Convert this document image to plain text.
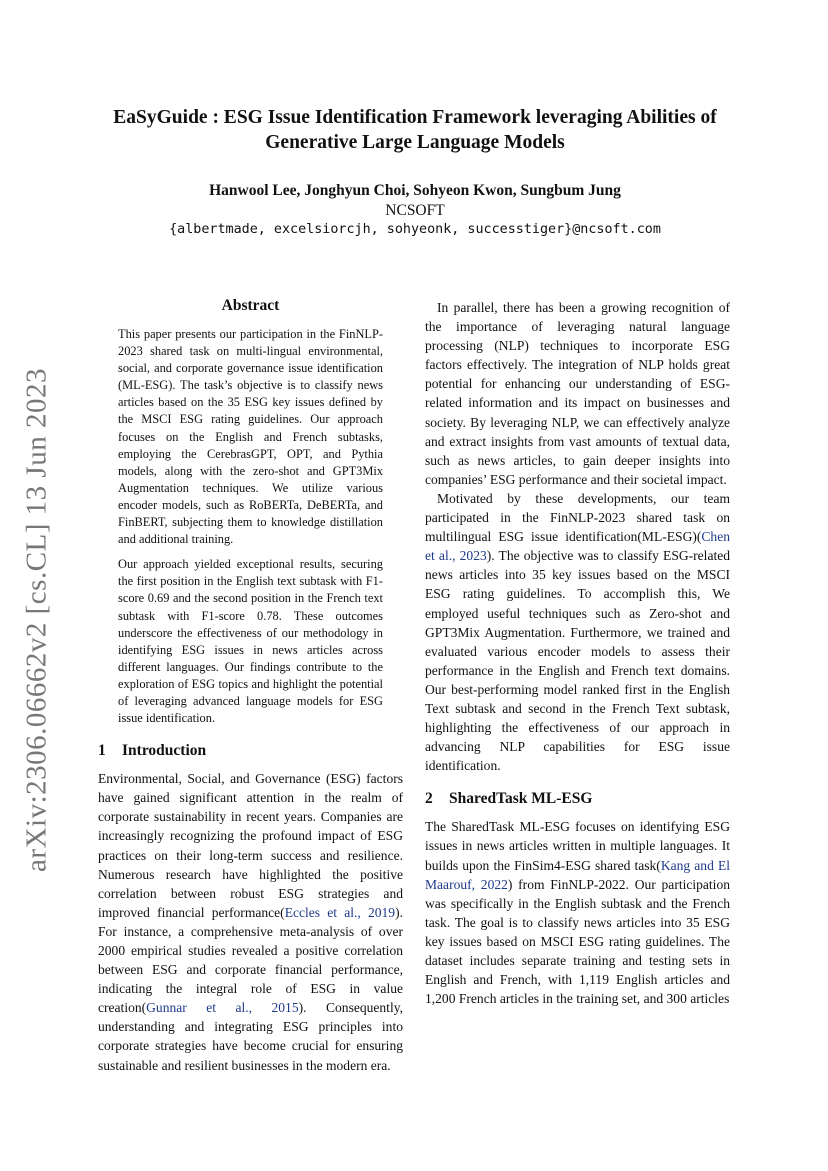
arXiv:2306.06662v2 [cs.CL] 13 Jun 2023
EaSyGuide : ESG Issue Identification Framework leveraging Abilities of
Generative Large Language Models
Hanwool Lee, Jonghyun Choi, Sohyeon Kwon, Sungbum Jung
NCSOFT
{albertmade, excelsiorcjh, sohyeonk, successtiger}@ncsoft.com
Abstract

This paper presents our participation in the FinNLP-2023 shared task on multi-lingual environmental, social, and corporate governance issue identification (ML-ESG). The task’s objective is to classify news articles based on the 35 ESG key issues defined by the MSCI ESG rating guidelines. Our approach focuses on the English and French subtasks, employing the CerebrasGPT, OPT, and Pythia models, along with the zero-shot and GPT3Mix Augmentation techniques. We utilize various encoder models, such as RoBERTa, DeBERTa, and FinBERT, subjecting them to knowledge distillation and additional training.

Our approach yielded exceptional results, securing the first position in the English text subtask with F1-score 0.69 and the second position in the French text subtask with F1-score 0.78. These outcomes underscore the effectiveness of our methodology in identifying ESG issues in news articles across different languages. Our findings contribute to the exploration of ESG topics and highlight the potential of leveraging advanced language models for ESG issue identification.

1 Introduction

Environmental, Social, and Governance (ESG) factors have gained significant attention in the realm of corporate sustainability in recent years. Companies are increasingly recognizing the profound impact of ESG practices on their long-term success and resilience. Numerous research have highlighted the positive correlation between robust ESG strategies and improved financial performance(Eccles et al., 2019). For instance, a comprehensive meta-analysis of over 2000 empirical studies revealed a positive correlation between ESG and corporate financial performance, indicating the integral role of ESG in value creation(Gunnar et al., 2015). Consequently, understanding and integrating ESG principles into corporate strategies have become crucial for ensuring sustainable and resilient businesses in the modern era.

In parallel, there has been a growing recognition of the importance of leveraging natural language processing (NLP) techniques to incorporate ESG factors effectively. The integration of NLP holds great potential for enhancing our understanding of ESG-related information and its impact on businesses and society. By leveraging NLP, we can effectively analyze and extract insights from vast amounts of textual data, such as news articles, to gain deeper insights into companies’ ESG performance and their societal impact.

Motivated by these developments, our team participated in the FinNLP-2023 shared task on multilingual ESG issue identification(ML-ESG)(Chen et al., 2023). The objective was to classify ESG-related news articles into 35 key issues based on the MSCI ESG rating guidelines. To accomplish this, We employed useful techniques such as Zero-shot and GPT3Mix Augmentation. Furthermore, we trained and evaluated various encoder models to assess their performance in the English and French text domains. Our best-performing model ranked first in the English Text subtask and second in the French Text subtask, highlighting the effectiveness of our approach in advancing NLP capabilities for ESG issue identification.

2 SharedTask ML-ESG

The SharedTask ML-ESG focuses on identifying ESG issues in news articles written in multiple languages. It builds upon the FinSim4-ESG shared task(Kang and El Maarouf, 2022) from FinNLP-2022. Our participation was specifically in the English subtask and the French task. The goal is to classify news articles into 35 ESG key issues based on MSCI ESG rating guidelines. The dataset includes separate training and testing sets in English and French, with 1,119 English articles and 1,200 French articles in the training set, and 300 articles
